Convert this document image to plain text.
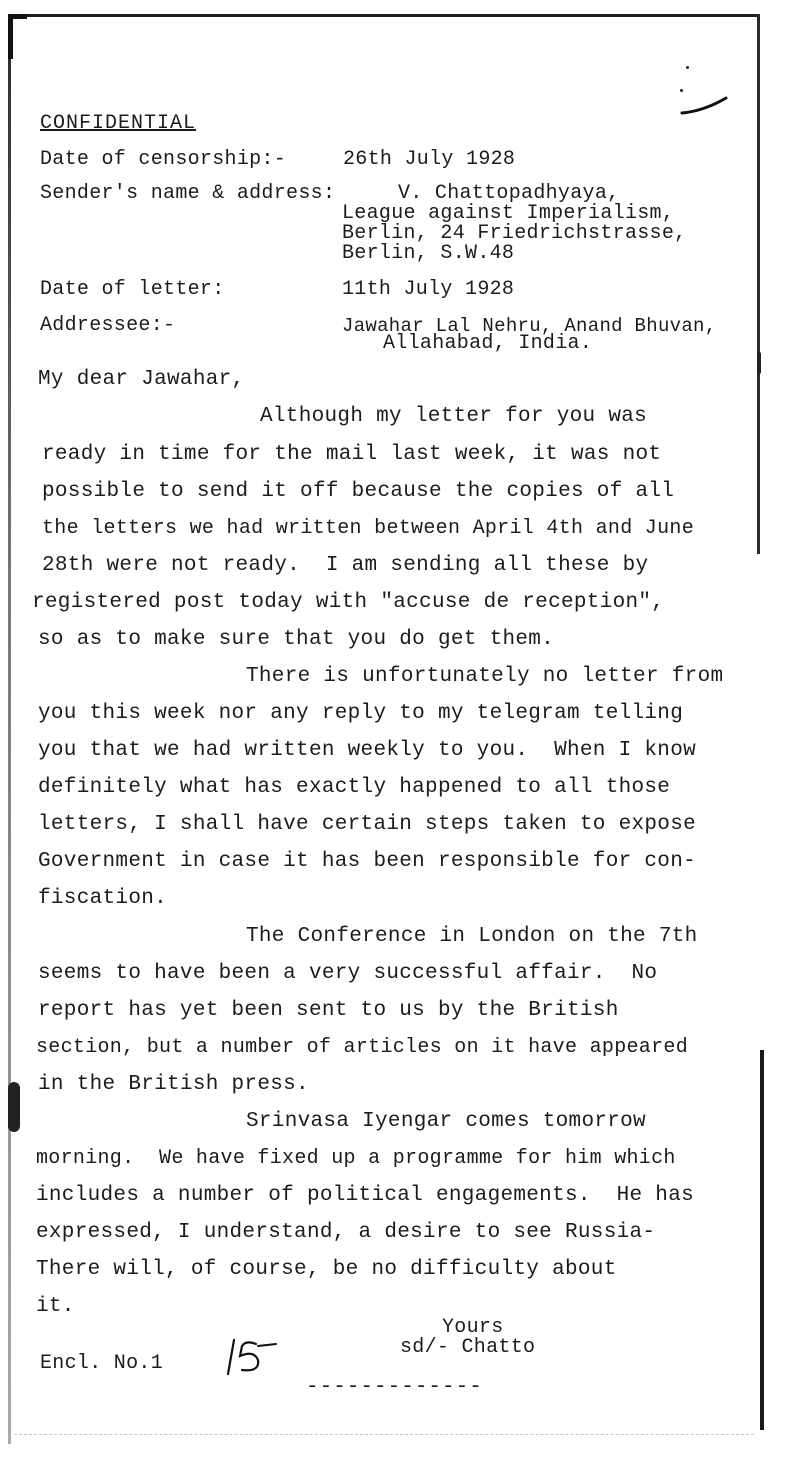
CONFIDENTIAL
Date of censorship:-	26th July 1928
Sender's name & address:	V. Chattopadhyaya,
League against Imperialism,
Berlin, 24 Friedrichstrasse,
Berlin, S.W.48
Date of letter:	11th July 1928
Addressee:-	Jawahar Lal Nehru, Anand Bhuvan,
Allahabad, India.
My dear Jawahar,
Although my letter for you was
ready in time for the mail last week, it was not
possible to send it off because the copies of all
the letters we had written between April 4th and June
28th were not ready.  I am sending all these by
registered post today with "accuse de reception",
so as to make sure that you do get them.
There is unfortunately no letter from
you this week nor any reply to my telegram telling
you that we had written weekly to you.  When I know
definitely what has exactly happened to all those
letters, I shall have certain steps taken to expose
Government in case it has been responsible for con-
fiscation.
The Conference in London on the 7th
seems to have been a very successful affair.  No
report has yet been sent to us by the British
section, but a number of articles on it have appeared
in the British press.
Srinvasa Iyengar comes tomorrow
morning.  We have fixed up a programme for him which
includes a number of political engagements.  He has
expressed, I understand, a desire to see Russia-
There will, of course, be no difficulty about
it.
Yours
sd/- Chatto
Encl. No.1
-------------
